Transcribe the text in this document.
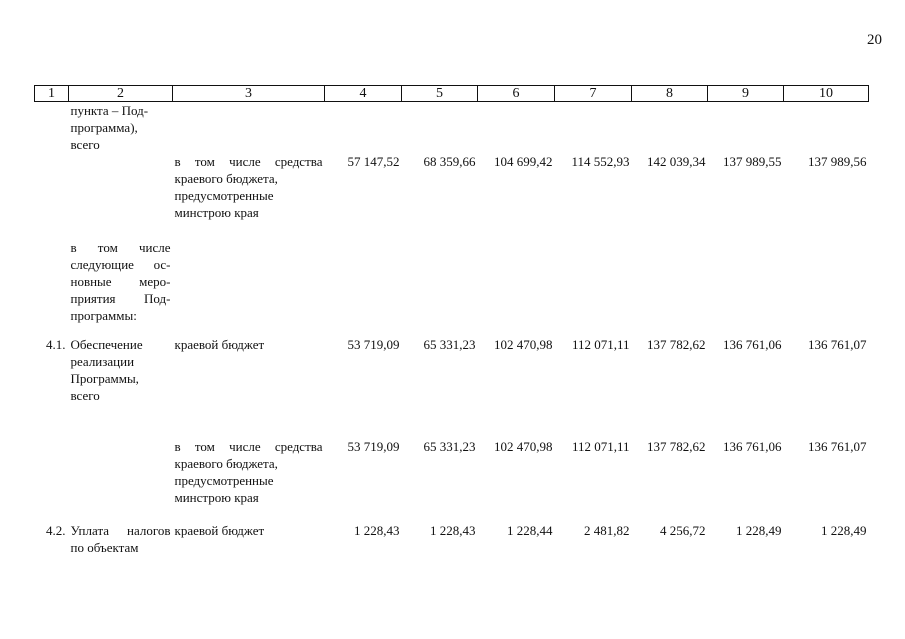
20
1	2	3	4	5	6	7	8	9	10

	пункта – Под-
программа),
всего								

		в том числе средства
краевого бюджета,
предусмотренные
минстрою края	57 147,52	68 359,66	104 699,42	114 552,93	142 039,34	137 989,55	137 989,56

	в том числе
следующие ос-
новные меро-
приятия Под-
программы:								

4.1.	Обеспечение
реализации
Программы,
всего	краевой бюджет	53 719,09	65 331,23	102 470,98	112 071,11	137 782,62	136 761,06	136 761,07

		в том числе средства
краевого бюджета,
предусмотренные
минстрою края	53 719,09	65 331,23	102 470,98	112 071,11	137 782,62	136 761,06	136 761,07

4.2.	Уплата налогов
по объектам	краевой бюджет	1 228,43	1 228,43	1 228,44	2 481,82	4 256,72	1 228,49	1 228,49
